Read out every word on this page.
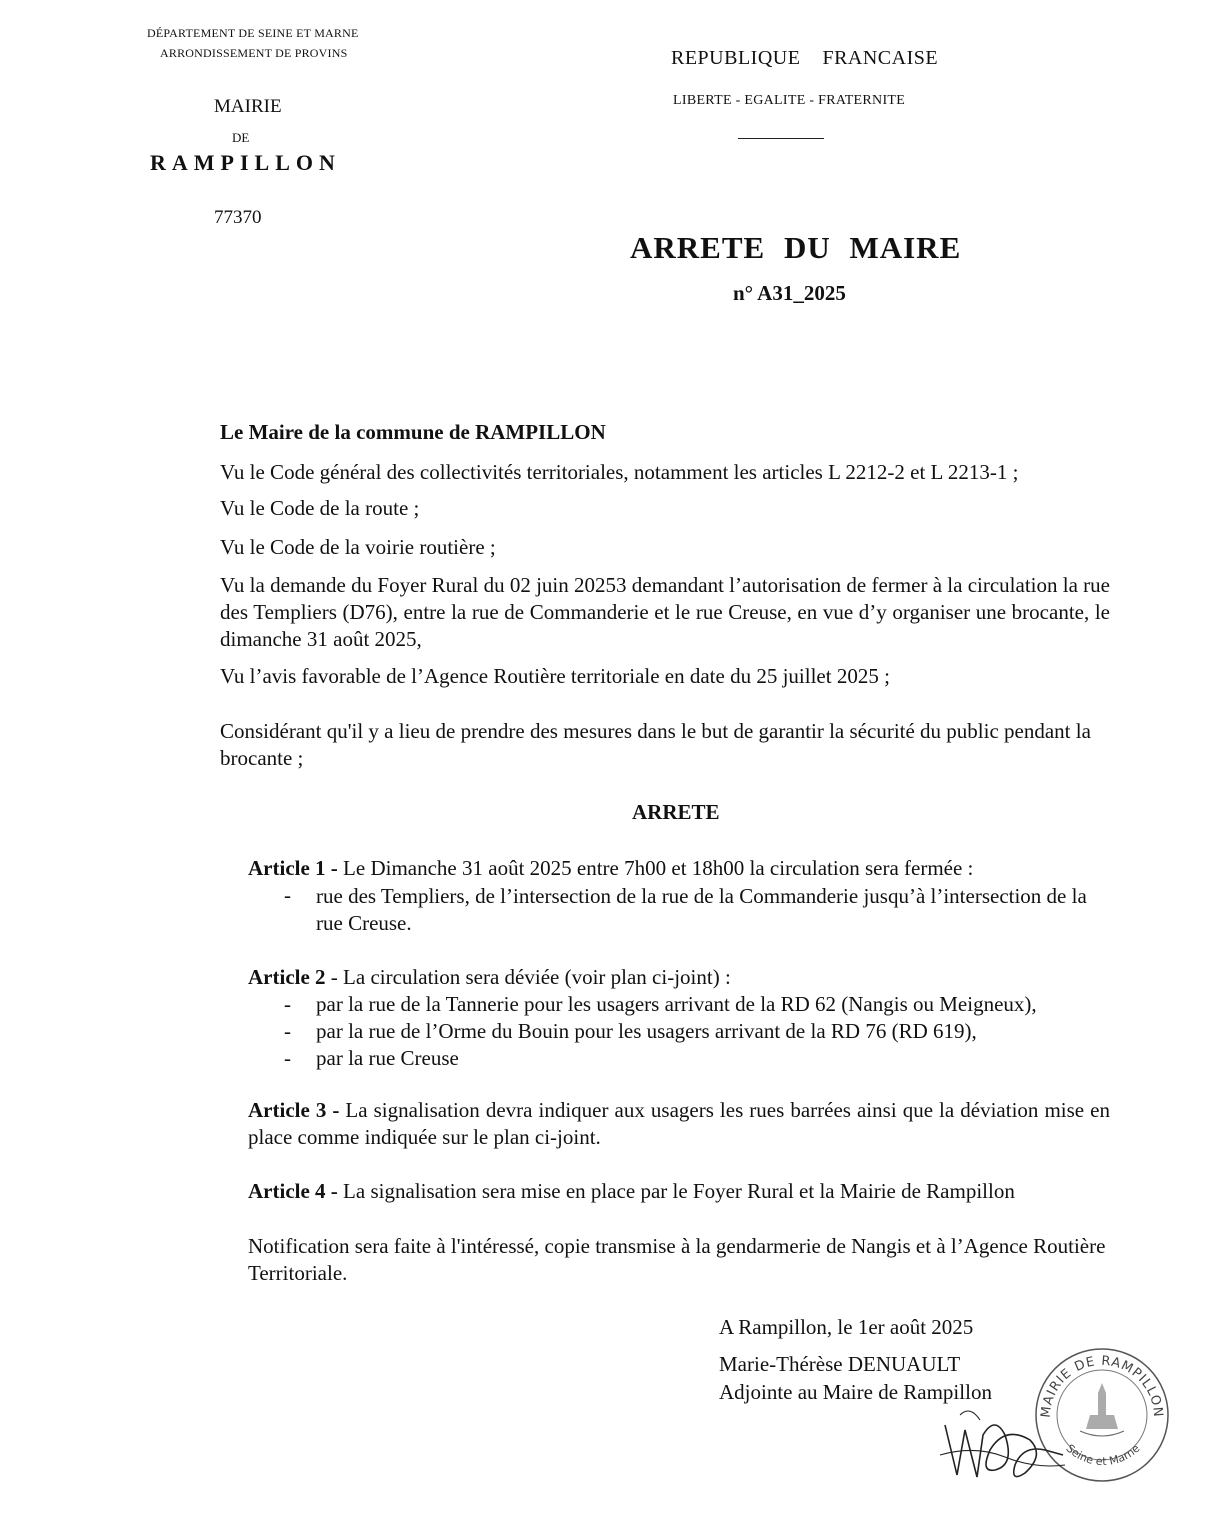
DÉPARTEMENT DE SEINE ET MARNE
ARRONDISSEMENT DE PROVINS
MAIRIE
DE
RAMPILLON
77370
REPUBLIQUE    FRANCAISE
LIBERTE - EGALITE - FRATERNITE
ARRETE DU MAIRE
n° A31_2025
Le Maire de la commune de RAMPILLON
Vu le Code général des collectivités territoriales, notamment les articles L 2212-2 et L 2213-1 ;
Vu le Code de la route ;
Vu le Code de la voirie routière ;
Vu la demande du Foyer Rural du 02 juin 20253 demandant l’autorisation de fermer à la circulation la rue des Templiers (D76), entre la rue de Commanderie et le rue Creuse, en vue d’y organiser une brocante, le dimanche 31 août 2025,
Vu l’avis favorable de l’Agence Routière territoriale en date du 25 juillet 2025 ;
Considérant qu'il y a lieu de prendre des mesures dans le but de garantir la sécurité du public pendant la brocante ;
ARRETE
Article 1 - Le Dimanche 31 août 2025 entre 7h00 et 18h00 la circulation sera fermée :
-	rue des Templiers, de l’intersection de la rue de la Commanderie jusqu’à l’intersection de la rue Creuse.
Article 2 - La circulation sera déviée (voir plan ci-joint) :
- par la rue de la Tannerie pour les usagers arrivant de la RD 62 (Nangis ou Meigneux),
- par la rue de l’Orme du Bouin pour les usagers arrivant de la RD 76 (RD 619),
- par la rue Creuse
Article 3 - La signalisation devra indiquer aux usagers les rues barrées ainsi que la déviation mise en place comme indiquée sur le plan ci-joint.
Article 4 - La signalisation sera mise en place par le Foyer Rural et la Mairie de Rampillon
Notification sera faite à l'intéressé, copie transmise à la gendarmerie de Nangis et à l’Agence Routière Territoriale.
A Rampillon, le 1er août 2025
Marie-Thérèse DENUAULT
Adjointe au Maire de Rampillon
MAIRIE DE RAMPILLON
Seine et Marne
